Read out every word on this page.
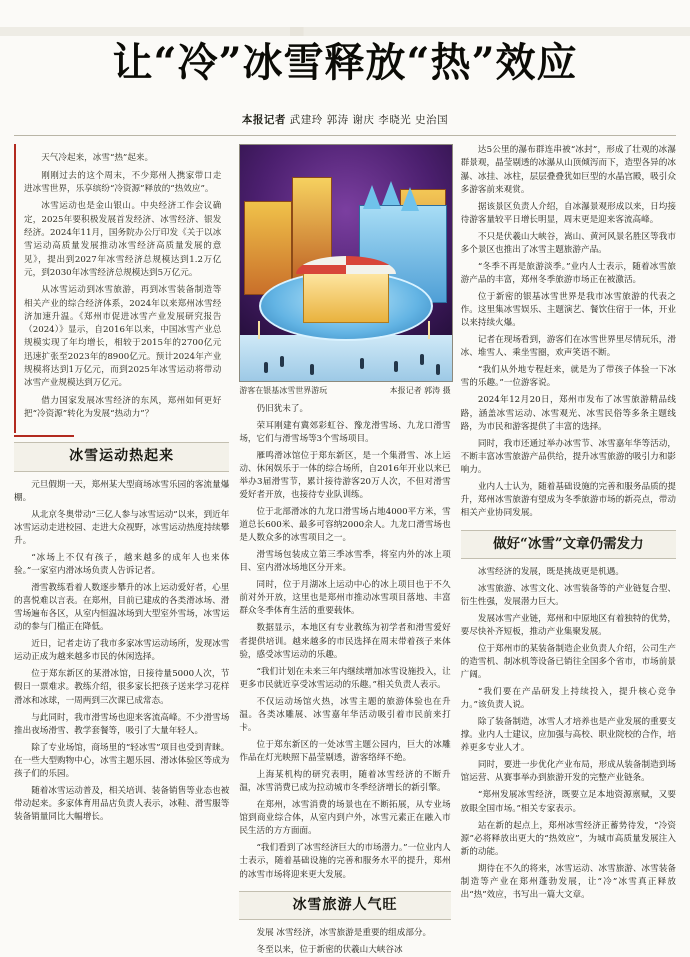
让“冷”冰雪释放“热”效应
本报记者 武建玲 郭涛 谢庆 李晓光 史治国

天气冷起来，冰雪“热”起来。

刚刚过去的这个周末，不少郑州人携家带口走进冰雪世界，乐享缤纷“冷资源”释放的“热效应”。

冰雪运动也是金山银山。中央经济工作会议确定，2025年要积极发展首发经济、冰雪经济、银发经济。2024年11月，国务院办公厅印发《关于以冰雪运动高质量发展推动冰雪经济高质量发展的意见》，提出到2027年冰雪经济总规模达到1.2万亿元，到2030年冰雪经济总规模达到5万亿元。

从冰雪运动到冰雪旅游，再到冰雪装备制造等相关产业的综合经济体系，2024年以来郑州冰雪经济加速升温。《郑州市促进冰雪产业发展研究报告（2024）》显示，自2016年以来，中国冰雪产业总规模实现了年均增长，相较于2015年的2700亿元迅速扩张至2023年的8900亿元。预计2024年产业规模将达到1万亿元，而到2025年冰雪运动将带动冰雪产业规模达到万亿元。

借力国家发展冰雪经济的东风，郑州如何更好把“冷资源”转化为发展“热动力”？

冰雪运动热起来

元旦假期一天，郑州某大型商场冰雪乐园的客流量爆棚。

从北京冬奥带动“三亿人参与冰雪运动”以来，到近年冰雪运动走进校园、走进大众视野，冰雪运动热度持续攀升。

“冰场上不仅有孩子，越来越多的成年人也来体验。”一家室内滑冰场负责人告诉记者。

滑雪教练看着人数逐步攀升的冰上运动爱好者，心里的喜悦难以言表。在郑州，目前已建成的各类滑冰场、滑雪场遍布各区，从室内恒温冰场到大型室外雪场，冰雪运动的参与门槛正在降低。

近日，记者走访了我市多家冰雪运动场所，发现冰雪运动正成为越来越多市民的休闲选择。

位于郑东新区的某滑冰馆，日接待量5000人次，节假日一票难求。教练介绍，很多家长把孩子送来学习花样滑冰和冰球，一周两到三次课已成常态。

与此同时，我市滑雪场也迎来客流高峰。不少滑雪场推出夜场滑雪、教学套餐等，吸引了大量年轻人。

除了专业场馆，商场里的“轻冰雪”项目也受到青睐。在一些大型购物中心，冰雪主题乐园、滑冰体验区等成为孩子们的乐园。

随着冰雪运动普及，相关培训、装备销售等业态也被带动起来。多家体育用品店负责人表示，冰鞋、滑雪服等装备销量同比大幅增长。

游客在银基冰雪世界游玩	本报记者 郭涛 摄

仍旧犹未了。

荣耳刚建有冀郊彩虹谷、豫龙滑雪场、九龙口滑雪场，它们与滑雪场等3个雪场项目。

雁鸣滑冰馆位于郑东新区，是一个集滑雪、冰上运动、休闲娱乐于一体的综合场所，自2016年开业以来已举办3届滑雪节，累计接待游客20万人次，不但对滑雪爱好者开放，也接待专业队训练。

位于北部滑冰的九龙口滑雪场占地4000平方米，雪道总长600米、最多可容纳2000余人。九龙口滑雪场也是人数众多的冰雪项目之一。

滑雪场包装成立第三季冰雪季，将室内外的冰上项目、室内滑冰场地区分开来。

同时，位于月湖冰上运动中心的冰上项目也于不久前对外开放，这里也是郑州市推动冰雪项目落地、丰富群众冬季体育生活的重要载体。

数据显示，本地区有专业教练为初学者和滑雪爱好者提供培训。越来越多的市民选择在周末带着孩子来体验，感受冰雪运动的乐趣。

“我们计划在未来三年内继续增加冰雪设施投入，让更多市民就近享受冰雪运动的乐趣。”相关负责人表示。

不仅运动场馆火热，冰雪主题的旅游体验也在升温。各类冰雕展、冰雪嘉年华活动吸引着市民前来打卡。

位于郑东新区的一处冰雪主题公园内，巨大的冰雕作品在灯光映照下晶莹剔透，游客络绎不绝。

上海某机构的研究表明，随着冰雪经济的不断升温，冰雪消费已成为拉动城市冬季经济增长的新引擎。

在郑州，冰雪消费的场景也在不断拓展，从专业场馆到商业综合体，从室内到户外，冰雪元素正在融入市民生活的方方面面。

“我们看到了冰雪经济巨大的市场潜力。”一位业内人士表示，随着基础设施的完善和服务水平的提升，郑州的冰雪市场将迎来更大发展。

冰雪旅游人气旺

发展 冰雪经济，冰雪旅游是重要的组成部分。

冬至以来，位于新密的伏羲山大峡谷冰

达5公里的瀑布群连串被“冰封”，形成了壮观的冰瀑群景观，晶莹剔透的冰瀑从山顶倾泻而下，造型各异的冰瀑、冰挂、冰柱，层层叠叠犹如巨型的水晶宫殿，吸引众多游客前来观赏。

据该景区负责人介绍，自冰瀑景观形成以来，日均接待游客量较平日增长明显，周末更是迎来客流高峰。

不只是伏羲山大峡谷，嵩山、黄河风景名胜区等我市多个景区也推出了冰雪主题旅游产品。

“冬季不再是旅游淡季。”业内人士表示，随着冰雪旅游产品的丰富，郑州冬季旅游市场正在被激活。

位于新密的银基冰雪世界是我市冰雪旅游的代表之作。这里集冰雪娱乐、主题演艺、餐饮住宿于一体，开业以来持续火爆。

记者在现场看到，游客们在冰雪世界里尽情玩乐，滑冰、堆雪人、乘坐雪圈，欢声笑语不断。

“我们从外地专程赶来，就是为了带孩子体验一下冰雪的乐趣。”一位游客说。

2024年12月20日，郑州市发布了冰雪旅游精品线路，涵盖冰雪运动、冰雪观光、冰雪民俗等多条主题线路，为市民和游客提供了丰富的选择。

同时，我市还通过举办冰雪节、冰雪嘉年华等活动，不断丰富冰雪旅游产品供给，提升冰雪旅游的吸引力和影响力。

业内人士认为，随着基础设施的完善和服务品质的提升，郑州冰雪旅游有望成为冬季旅游市场的新亮点，带动相关产业协同发展。

做好“冰雪”文章仍需发力

冰雪经济的发展，既是挑战更是机遇。

冰雪旅游、冰雪文化、冰雪装备等的产业链复合型、衍生性强，发展潜力巨大。

发展冰雪产业链，郑州和中原地区有着独特的优势，要尽快补齐短板，推动产业集聚发展。

位于郑州市的某装备制造企业负责人介绍，公司生产的造雪机、制冰机等设备已销往全国多个省市，市场前景广阔。

“我们要在产品研发上持续投入，提升核心竞争力。”该负责人说。

除了装备制造，冰雪人才培养也是产业发展的重要支撑。业内人士建议，应加强与高校、职业院校的合作，培养更多专业人才。

同时，要进一步优化产业布局，形成从装备制造到场馆运营、从赛事举办到旅游开发的完整产业链条。

“郑州发展冰雪经济，既要立足本地资源禀赋，又要放眼全国市场。”相关专家表示。

站在新的起点上，郑州冰雪经济正蓄势待发，“冷资源”必将释放出更大的“热效应”，为城市高质量发展注入新的动能。

期待在不久的将来，冰雪运动、冰雪旅游、冰雪装备制造等产业在郑州蓬勃发展，让“冷”冰雪真正释放出“热”效应，书写出一篇大文章。
